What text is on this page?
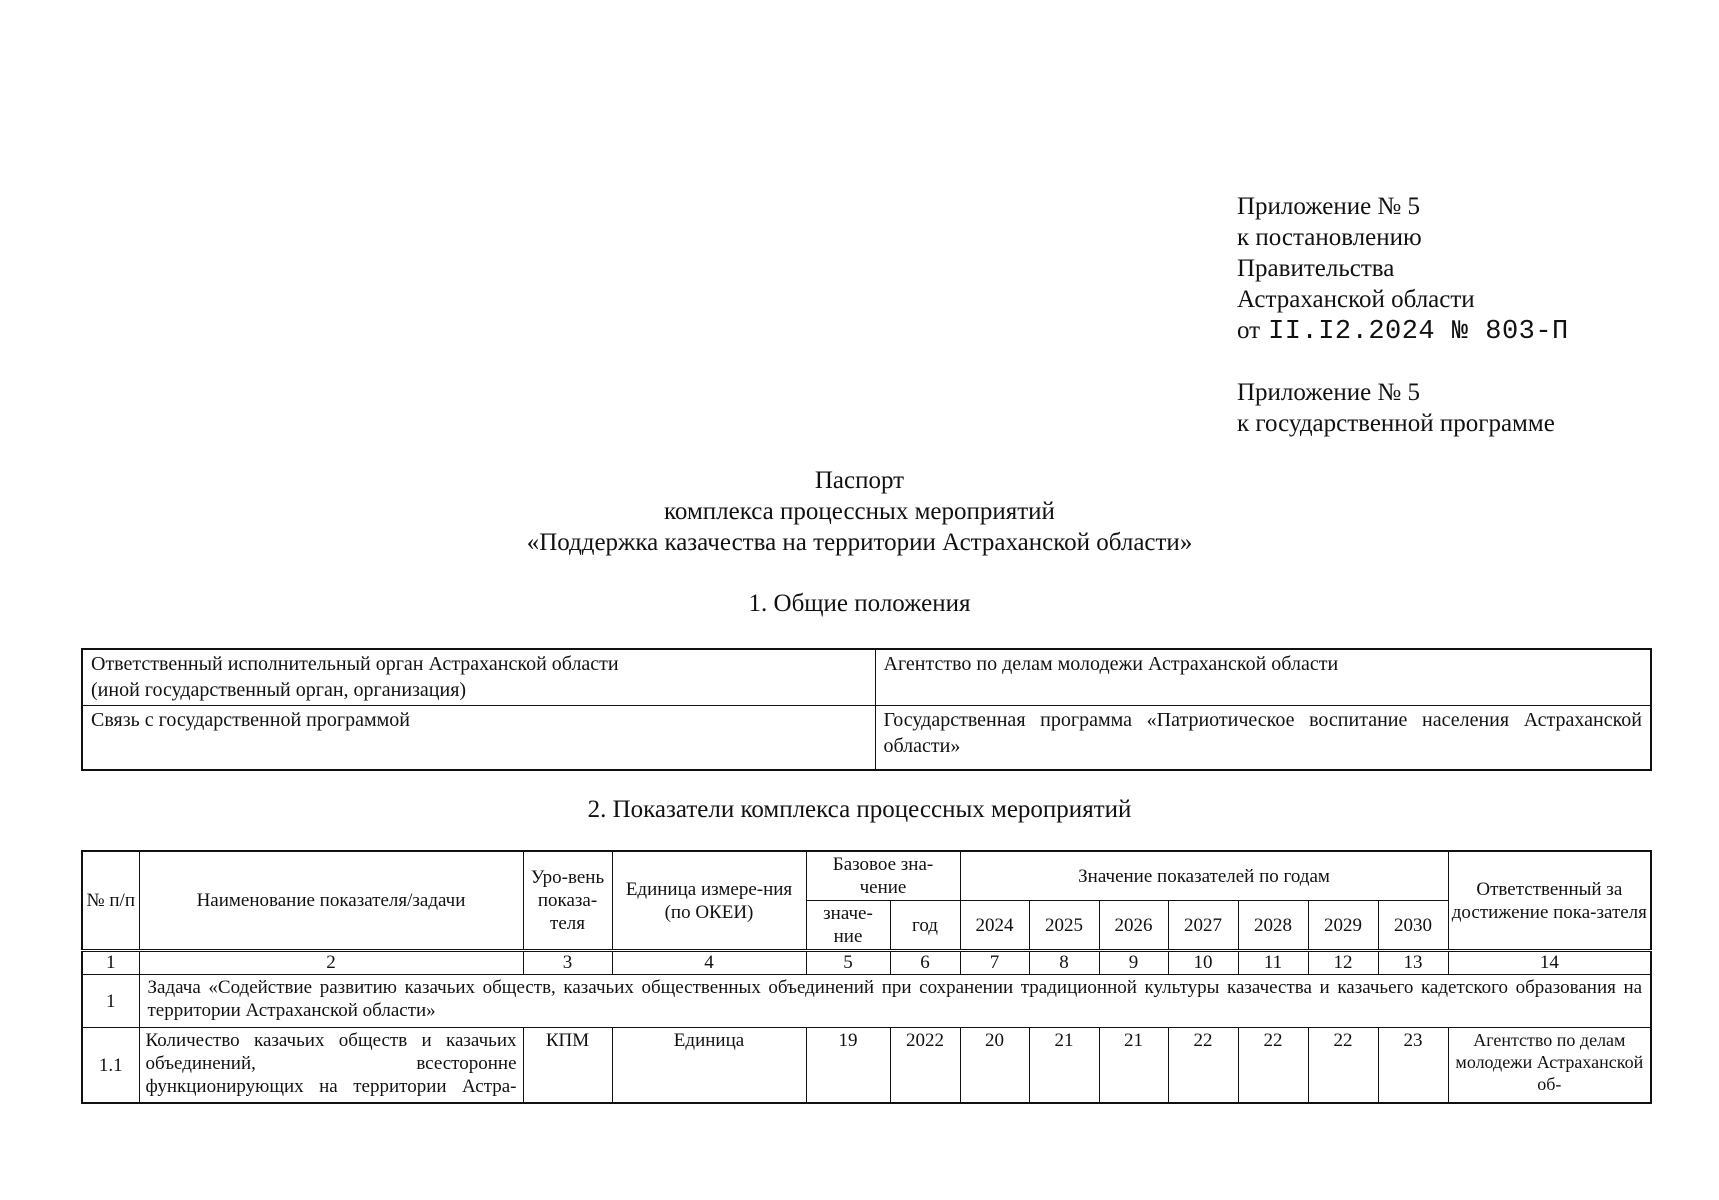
Приложение № 5
к постановлению
Правительства
Астраханской области
от II.I2.2024 № 803-П
Приложение № 5
к государственной программе
Паспорт
комплекса процессных мероприятий
«Поддержка казачества на территории Астраханской области»
1. Общие положения
Ответственный исполнительный орган Астраханской области
(иной государственный орган, организация)	Агентство по делам молодежи Астраханской области

Связь с государственной программой	Государственная программа «Патриотическое воспитание населения Астраханской области»
2. Показатели комплекса процессных мероприятий
№ п/п	Наименование показателя/задачи	Уро-вень показа-теля	Единица измере-ния (по ОКЕИ)	Базовое зна-чение		Значение показателей по годам							Ответственный за достижение пока-зателя
				значе-ние	год	2024	2025	2026	2027	2028	2029	2030	
1	2	3	4	5	6	7	8	9	10	11	12	13	14
1	Задача «Содействие развитию казачьих обществ, казачьих общественных объединений при сохранении традиционной культуры казачества и казачьего кадетского образования на территории Астраханской области»												
1.1	Количество казачьих обществ и казачьих объединений, всесторонне функционирующих на территории Астра-	КПМ	Единица	19	2022	20	21	21	22	22	22	23	Агентство по делам молодежи Астраханской об-
